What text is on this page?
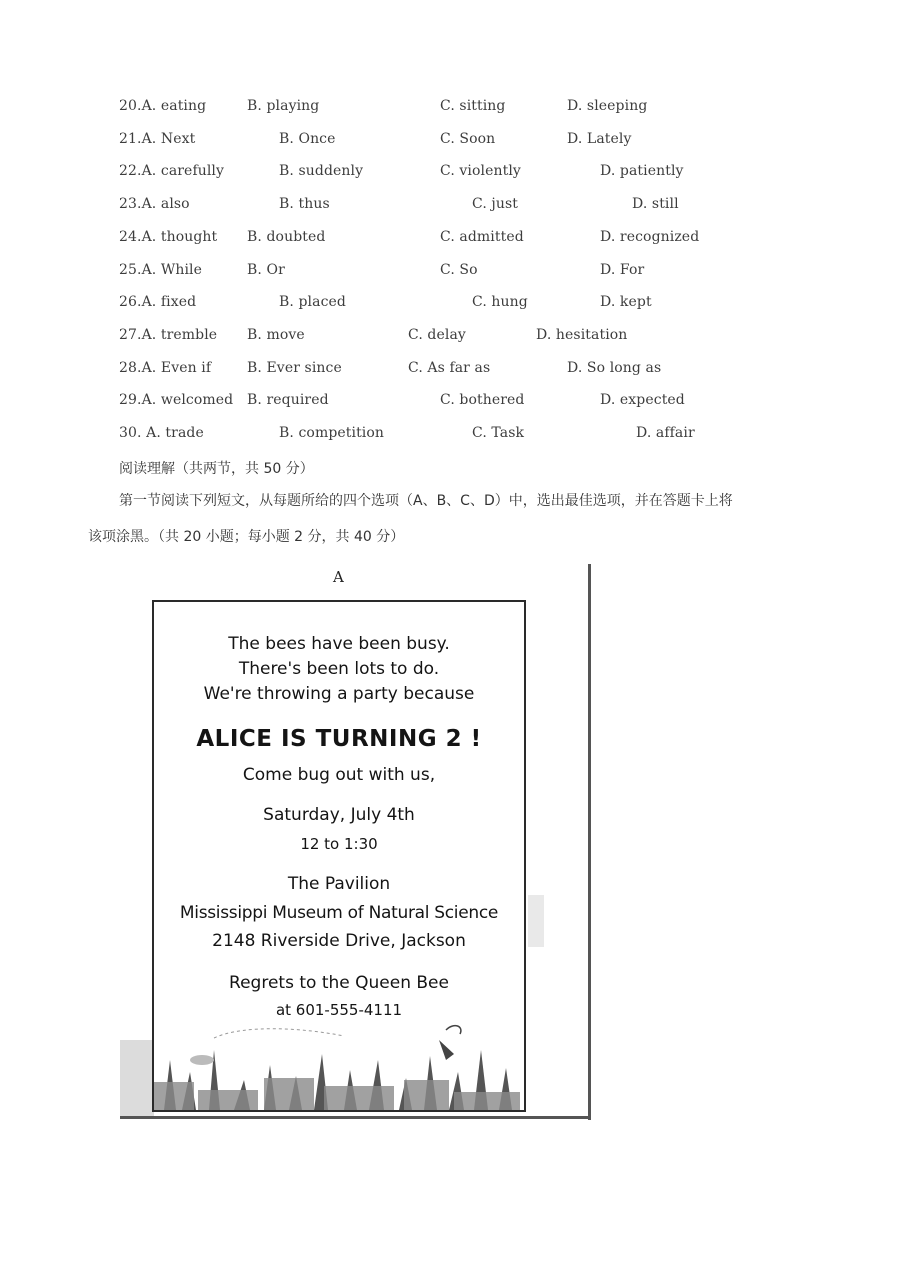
20.A. eating	B. playing	C. sitting	D. sleeping
21.A. Next	B. Once	C. Soon	D. Lately
22.A. carefully	B. suddenly	C. violently	D. patiently
23.A. also	B. thus	C. just	D. still
24.A. thought B. doubted	C. admitted	D. recognized
25.A. While	B. Or	C. So	D. For
26.A. fixed	B. placed	C. hung	D. kept
27.A. tremble B. move	C. delay	D. hesitation
28.A. Even if	B. Ever since	C. As far as	D. So long as
29.A. welcomed B. required	C. bothered	D. expected
30. A. trade	B. competition	C. Task	D. affair
阅读理解（共两节，共 50 分）
第一节阅读下列短文，从每题所给的四个选项（A、B、C、D）中，选出最佳选项，并在答题卡上将
该项涂黑。（共 20 小题；每小题 2 分，共 40 分）
A
The bees have been busy.
There's been lots to do.
We're throwing a party because
ALICE IS TURNING 2 !
Come bug out with us,
Saturday, July 4th
12 to 1:30
The Pavilion
Mississippi Museum of Natural Science
2148 Riverside Drive, Jackson
Regrets to the Queen Bee
at 601-555-4111
